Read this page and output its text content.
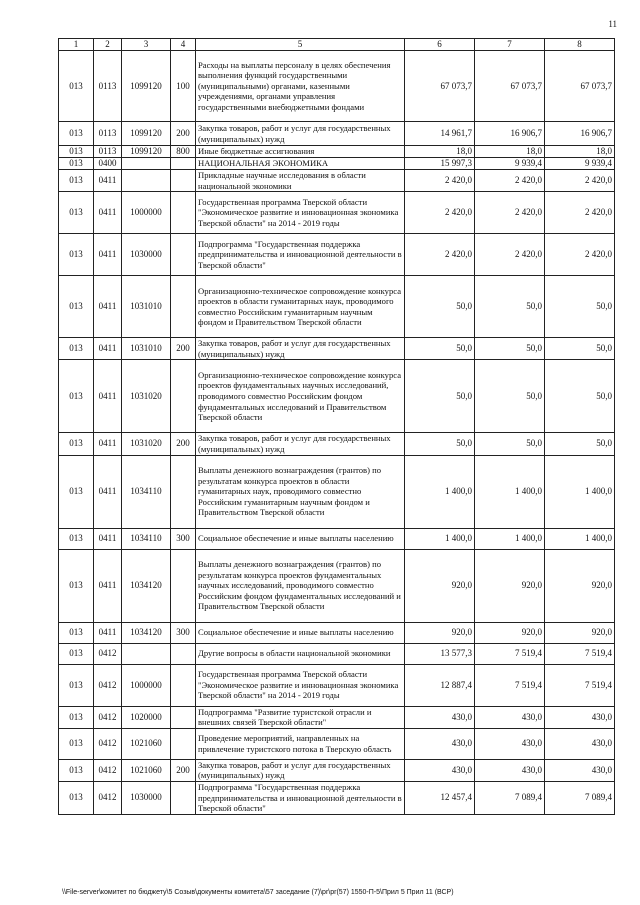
11
1	2	3	4	5	6	7	8
013	0113	1099120	100	Расходы на выплаты персоналу в целях обеспечения выполнения функций государственными (муниципальными) органами, казенными учреждениями, органами управления государственными внебюджетными фондами	67 073,7	67 073,7	67 073,7
013	0113	1099120	200	Закупка товаров, работ и услуг для государственных (муниципальных) нужд	14 961,7	16 906,7	16 906,7
013	0113	1099120	800	Иные бюджетные ассигнования	18,0	18,0	18,0
013	0400			НАЦИОНАЛЬНАЯ ЭКОНОМИКА	15 997,3	9 939,4	9 939,4
013	0411			Прикладные научные исследования в области национальной экономики	2 420,0	2 420,0	2 420,0
013	0411	1000000		Государственная программа Тверской области "Экономическое развитие и инновационная экономика Тверской области" на 2014 - 2019 годы	2 420,0	2 420,0	2 420,0
013	0411	1030000		Подпрограмма "Государственная поддержка предпринимательства и инновационной деятельности в Тверской области"	2 420,0	2 420,0	2 420,0
013	0411	1031010		Организационно-техническое сопровождение конкурса проектов в области гуманитарных наук, проводимого совместно Российским гуманитарным научным фондом и Правительством Тверской области	50,0	50,0	50,0
013	0411	1031010	200	Закупка товаров, работ и услуг для государственных (муниципальных) нужд	50,0	50,0	50,0
013	0411	1031020		Организационно-техническое сопровождение конкурса проектов фундаментальных научных исследований, проводимого совместно Российским фондом фундаментальных исследований и Правительством Тверской области	50,0	50,0	50,0
013	0411	1031020	200	Закупка товаров, работ и услуг для государственных (муниципальных) нужд	50,0	50,0	50,0
013	0411	1034110		Выплаты денежного вознаграждения (грантов) по результатам конкурса проектов в области гуманитарных наук, проводимого совместно Российским гуманитарным научным фондом и Правительством Тверской области	1 400,0	1 400,0	1 400,0
013	0411	1034110	300	Социальное обеспечение и иные выплаты населению	1 400,0	1 400,0	1 400,0
013	0411	1034120		Выплаты денежного вознаграждения (грантов) по результатам конкурса проектов фундаментальных научных исследований, проводимого совместно Российским фондом фундаментальных исследований и Правительством Тверской области	920,0	920,0	920,0
013	0411	1034120	300	Социальное обеспечение и иные выплаты населению	920,0	920,0	920,0
013	0412			Другие вопросы в области национальной экономики	13 577,3	7 519,4	7 519,4
013	0412	1000000		Государственная программа Тверской области "Экономическое развитие и инновационная экономика Тверской области" на 2014 - 2019 годы	12 887,4	7 519,4	7 519,4
013	0412	1020000		Подпрограмма "Развитие туристской отрасли и внешних связей Тверской области"	430,0	430,0	430,0
013	0412	1021060		Проведение мероприятий, направленных на привлечение туристского потока в Тверскую область	430,0	430,0	430,0
013	0412	1021060	200	Закупка товаров, работ и услуг для государственных (муниципальных) нужд	430,0	430,0	430,0
013	0412	1030000		Подпрограмма "Государственная поддержка предпринимательства и инновационной деятельности в Тверской области"	12 457,4	7 089,4	7 089,4
\\File-server\комитет по бюджету\5 Созыв\документы комитета\57 заседание (7)\pr\pr(57) 1550-П-5\Прил 5 Прил 11 (ВСР)
